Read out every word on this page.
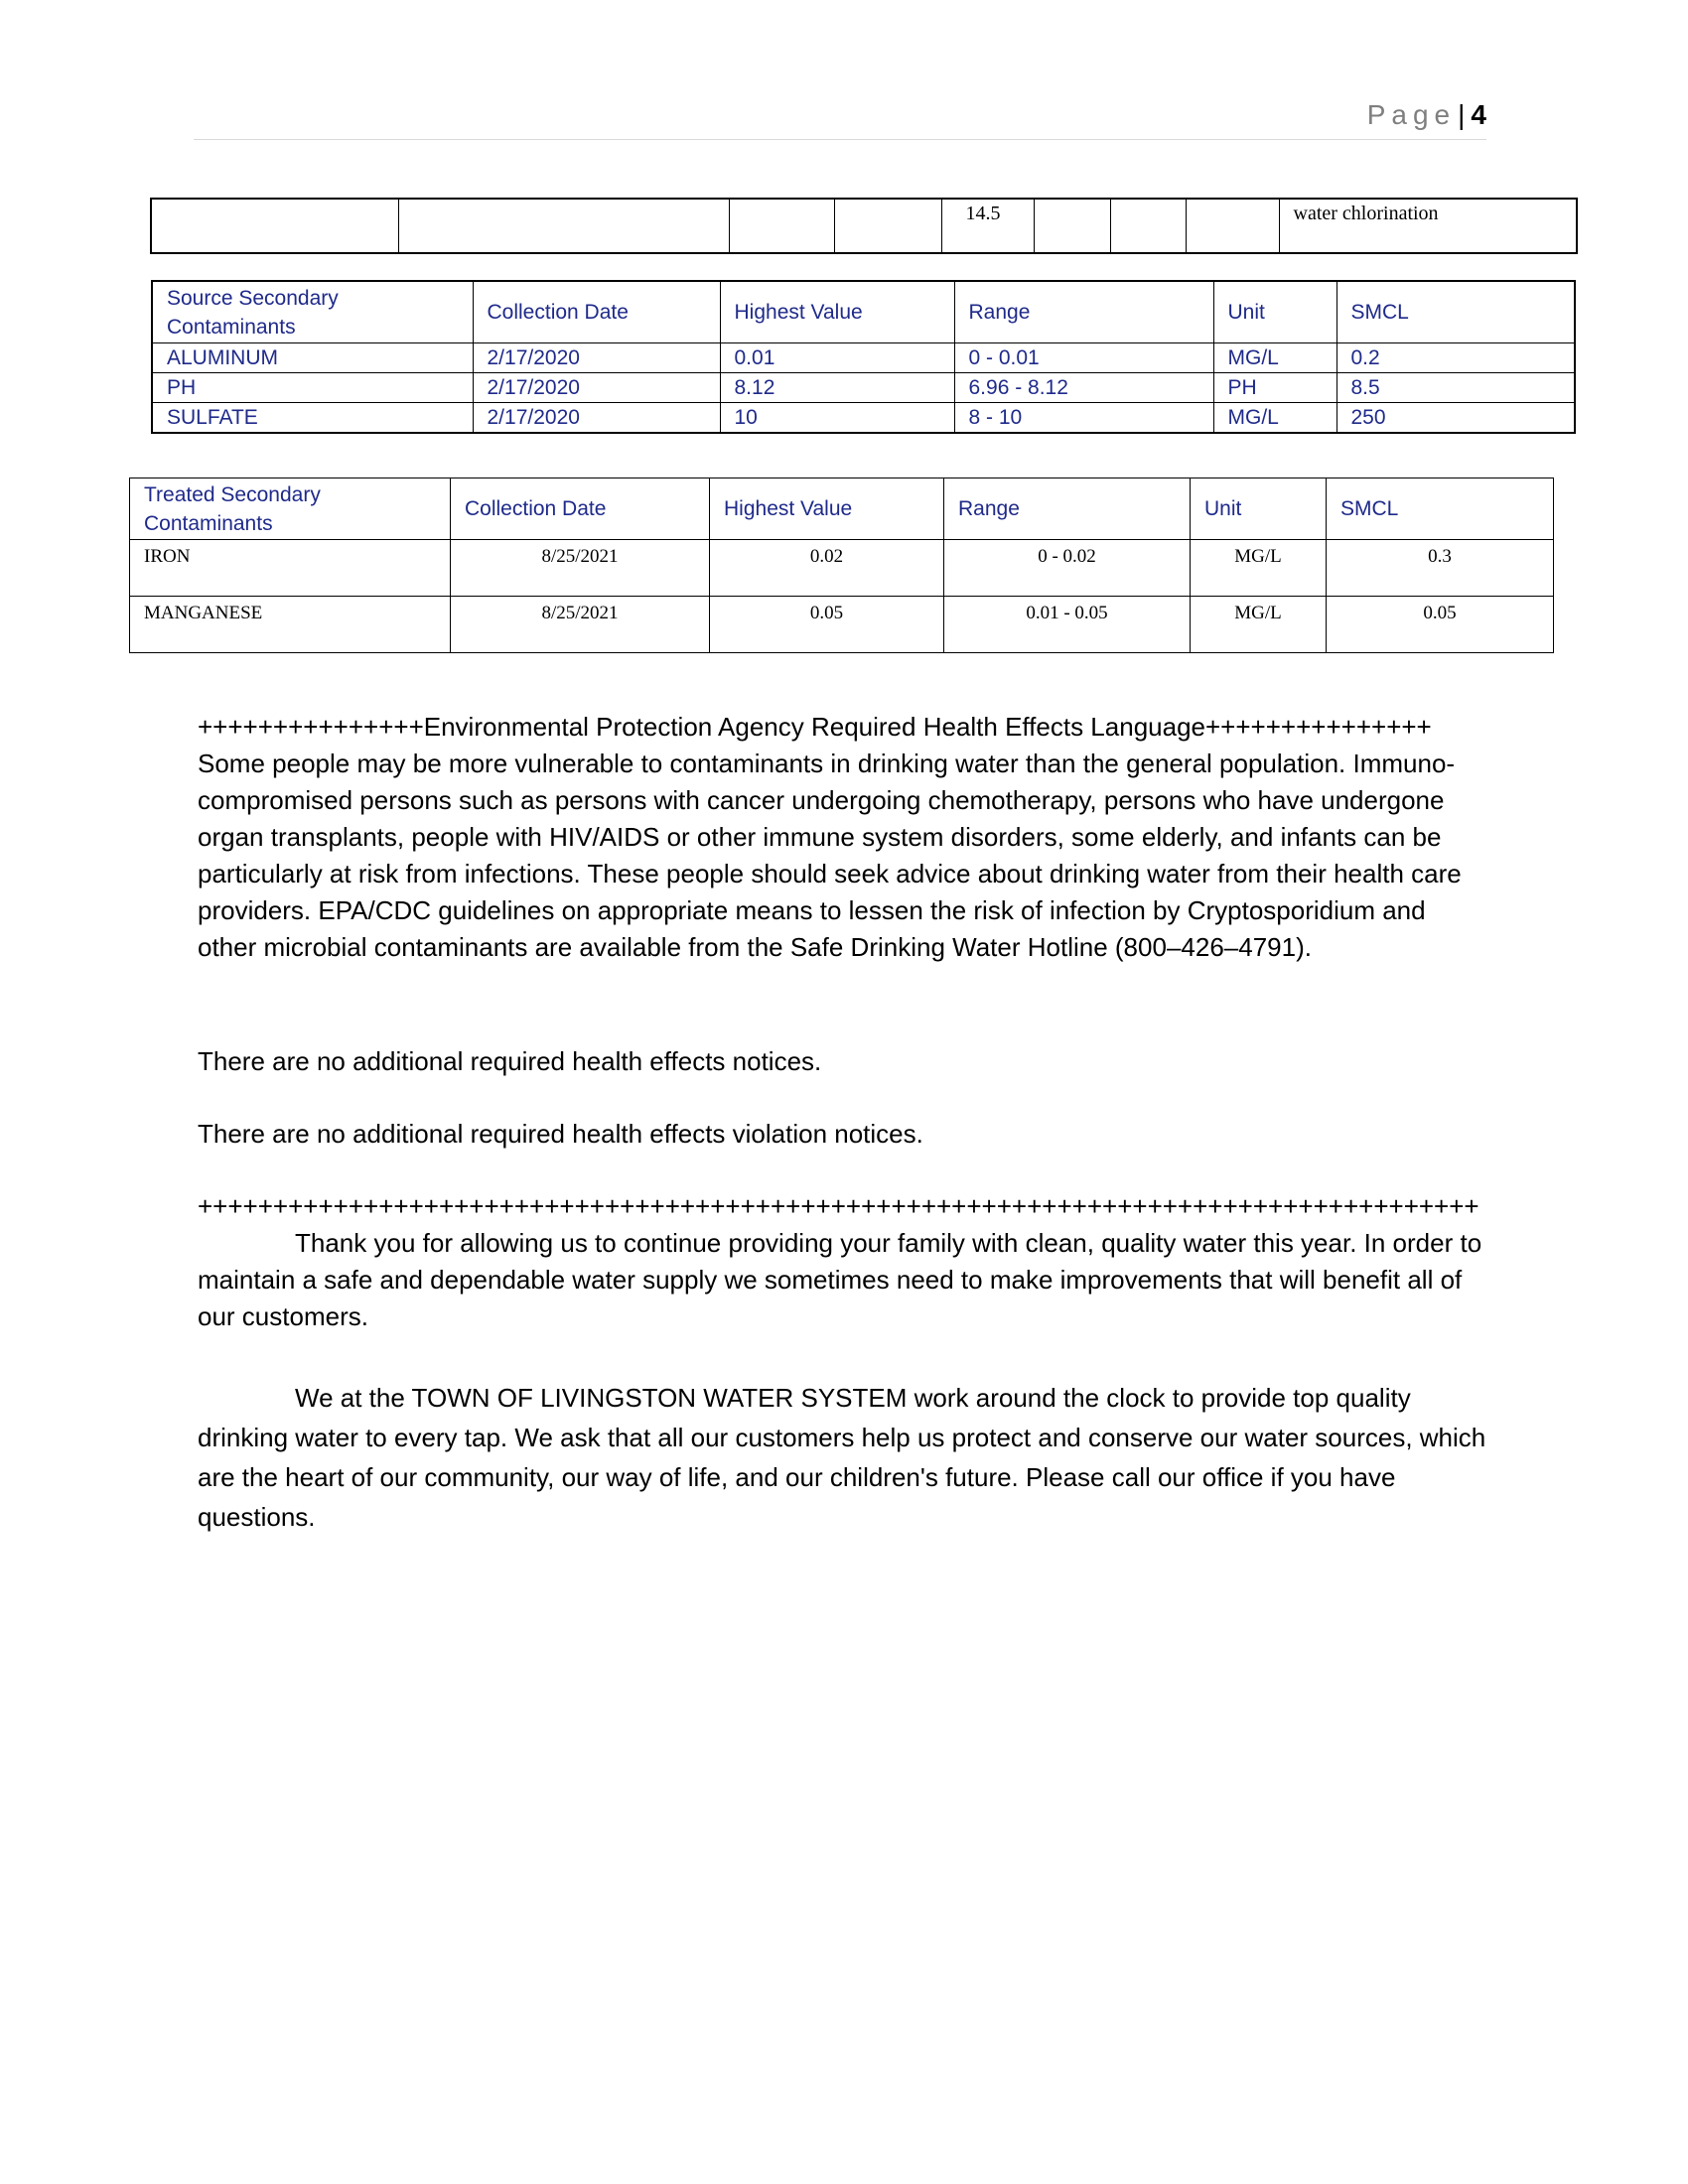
Page| 4
				14.5				water chlorination
Source Secondary Contaminants	Collection Date	Highest Value	Range	Unit	SMCL
ALUMINUM	2/17/2020	0.01	0 - 0.01	MG/L	0.2
PH	2/17/2020	8.12	6.96 - 8.12	PH	8.5
SULFATE	2/17/2020	10	8 - 10	MG/L	250
Treated Secondary Contaminants	Collection Date	Highest Value	Range	Unit	SMCL
IRON	8/25/2021	0.02	0 - 0.02	MG/L	0.3
MANGANESE	8/25/2021	0.05	0.01 - 0.05	MG/L	0.05

+++++++++++++++Environmental Protection Agency Required Health Effects Language+++++++++++++++

Some people may be more vulnerable to contaminants in drinking water than the general population. Immuno-compromised persons such as persons with cancer undergoing chemotherapy, persons who have undergone organ transplants, people with HIV/AIDS or other immune system disorders, some elderly, and infants can be particularly at risk from infections. These people should seek advice about drinking water from their health care providers. EPA/CDC guidelines on appropriate means to lessen the risk of infection by Cryptosporidium and other microbial contaminants are available from the Safe Drinking Water Hotline (800–426–4791).

There are no additional required health effects notices.

There are no additional required health effects violation notices.

+++++++++++++++++++++++++++++++++++++++++++++++++++++++++++++++++++++++++++++++++++++

Thank you for allowing us to continue providing your family with clean, quality water this year. In order to maintain a safe and dependable water supply we sometimes need to make improvements that will benefit all of our customers.

We at the TOWN OF LIVINGSTON WATER SYSTEM work around the clock to provide top quality drinking water to every tap. We ask that all our customers help us protect and conserve our water sources, which are the heart of our community, our way of life, and our children's future. Please call our office if you have questions.
